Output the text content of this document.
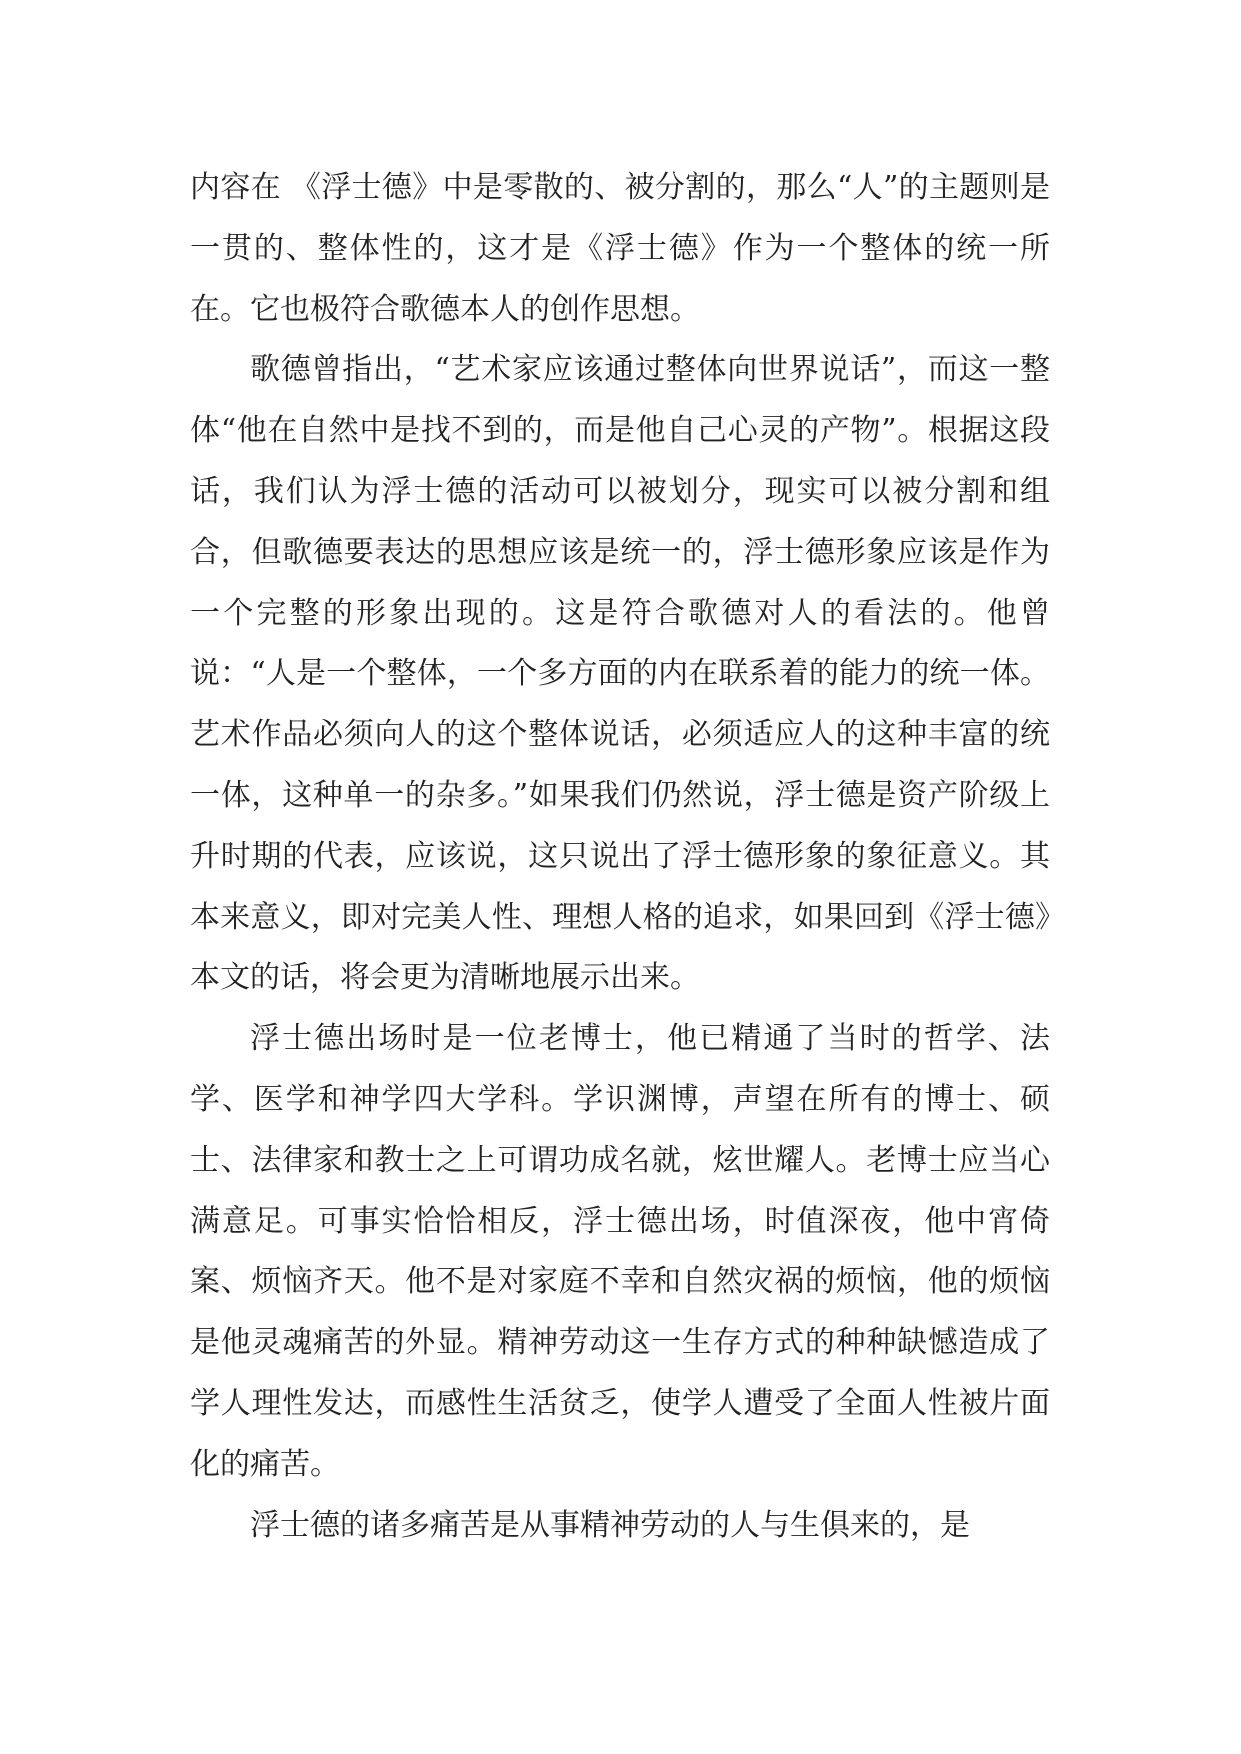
内容在 《浮士德》中是零散的、被分割的，那么“人”的主题则是一贯的、整体性的，这才是《浮士德》作为一个整体的统一所在。它也极符合歌德本人的创作思想。

歌德曾指出，“艺术家应该通过整体向世界说话”，而这一整体“他在自然中是找不到的，而是他自己心灵的产物”。根据这段话，我们认为浮士德的活动可以被划分，现实可以被分割和组合，但歌德要表达的思想应该是统一的，浮士德形象应该是作为一个完整的形象出现的。这是符合歌德对人的看法的。他曾说：“人是一个整体，一个多方面的内在联系着的能力的统一体。艺术作品必须向人的这个整体说话，必须适应人的这种丰富的统一体，这种单一的杂多。”如果我们仍然说，浮士德是资产阶级上升时期的代表，应该说，这只说出了浮士德形象的象征意义。其本来意义，即对完美人性、理想人格的追求，如果回到《浮士德》本文的话，将会更为清晰地展示出来。

浮士德出场时是一位老博士，他已精通了当时的哲学、法学、医学和神学四大学科。学识渊博，声望在所有的博士、硕士、法律家和教士之上可谓功成名就，炫世耀人。老博士应当心满意足。可事实恰恰相反，浮士德出场，时值深夜，他中宵倚案、烦恼齐天。他不是对家庭不幸和自然灾祸的烦恼，他的烦恼是他灵魂痛苦的外显。精神劳动这一生存方式的种种缺憾造成了学人理性发达，而感性生活贫乏，使学人遭受了全面人性被片面化的痛苦。

浮士德的诸多痛苦是从事精神劳动的人与生俱来的，是
